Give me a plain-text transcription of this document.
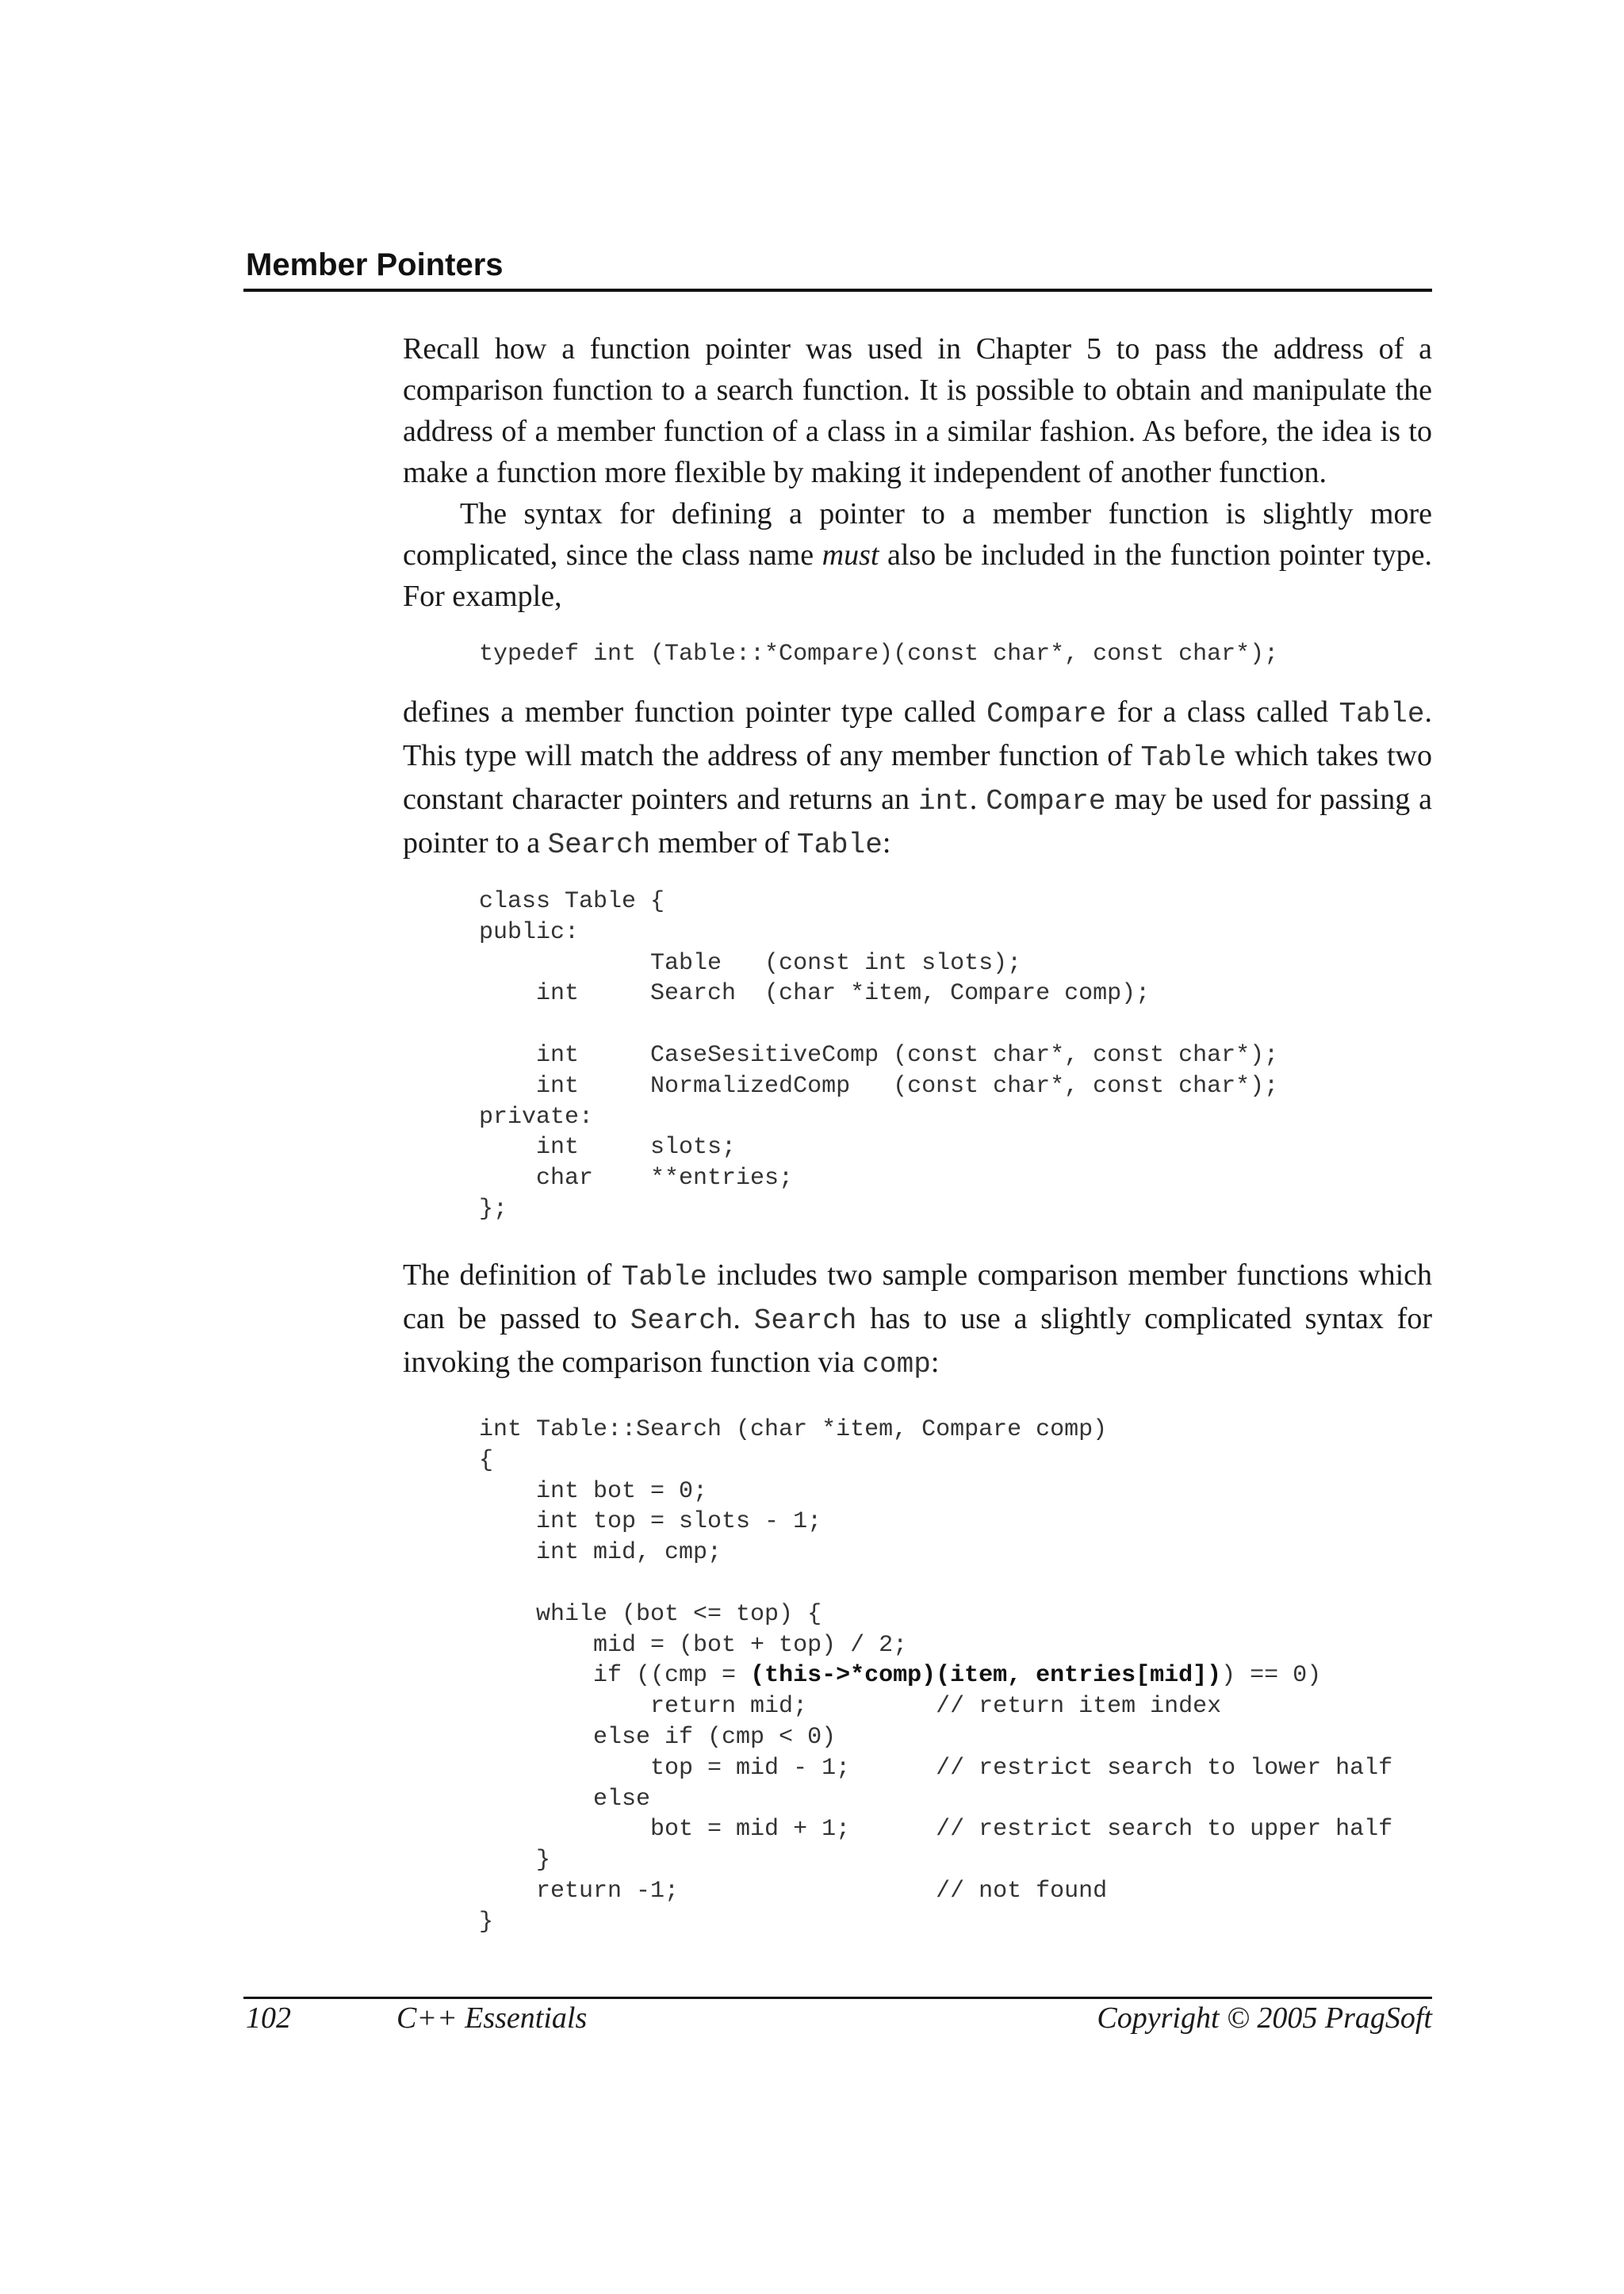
Member Pointers

Recall how a function pointer was used in Chapter 5 to pass the address of a comparison function to a search function. It is possible to obtain and manipulate the address of a member function of a class in a similar fashion. As before, the idea is to make a function more flexible by making it independent of another function.

The syntax for defining a pointer to a member function is slightly more complicated, since the class name must also be included in the function pointer type. For example,

typedef int (Table::*Compare)(const char*, const char*);

defines a member function pointer type called Compare for a class called Table. This type will match the address of any member function of Table which takes two constant character pointers and returns an int. Compare may be used for passing a pointer to a Search member of Table:

class Table {
public:
Table   (const int slots);
int     Search  (char *item, Compare comp);
int     CaseSesitiveComp (const char*, const char*);
int     NormalizedComp   (const char*, const char*);
private:
int     slots;
char    **entries;
};

The definition of Table includes two sample comparison member functions which can be passed to Search. Search has to use a slightly complicated syntax for invoking the comparison function via comp:

int Table::Search (char *item, Compare comp)
{
int bot = 0;
int top = slots - 1;
int mid, cmp;
while (bot <= top) {
mid = (bot + top) / 2;
if ((cmp = (this->*comp)(item, entries[mid])) == 0)
return mid;         // return item index
else if (cmp < 0)
top = mid - 1;      // restrict search to lower half
else
bot = mid + 1;      // restrict search to upper half
}
return -1;                  // not found
}
102	C++ Essentials	Copyright © 2005 PragSoft
